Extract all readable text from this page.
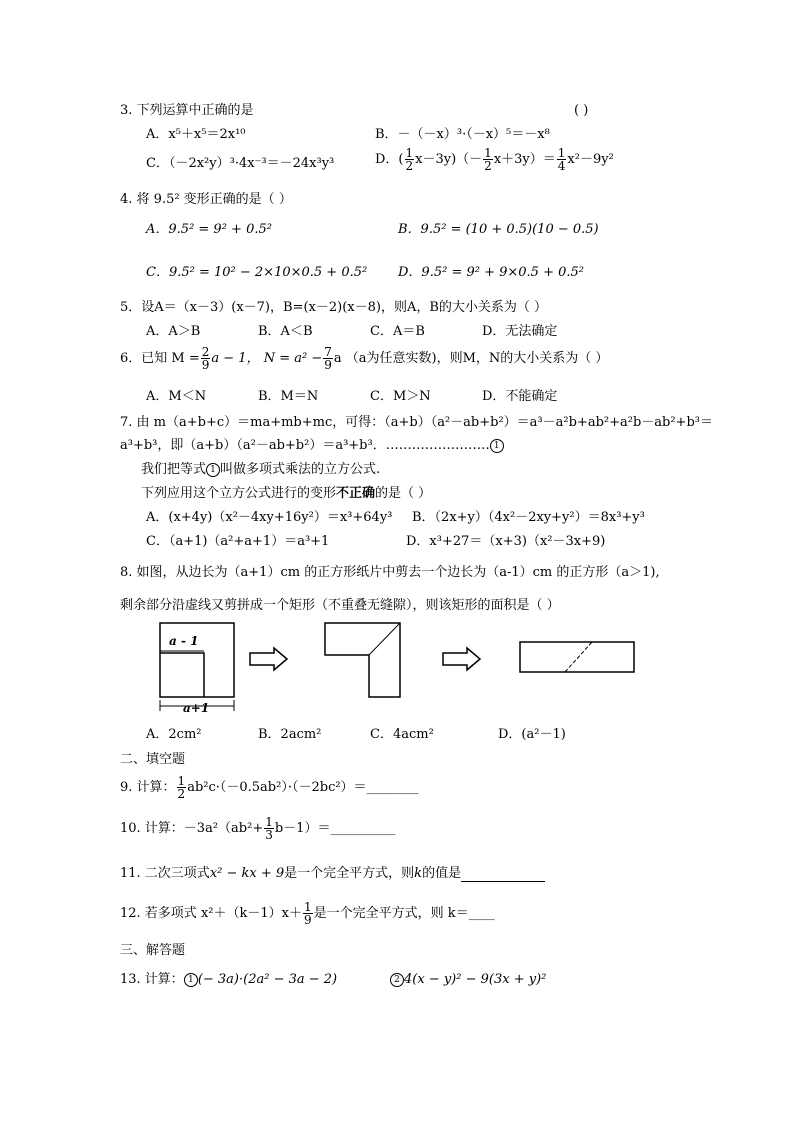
3. 下列运算中正确的是	( )
A．x⁵＋x⁵＝2x¹⁰	B．－（－x）³·（－x）⁵＝－x⁸
C．（－2x²y）³·4x⁻³＝－24x³y³	D．( $\frac{1}{2} x-3y)(- \frac{1}{2} x+3y)= \frac{1}{4} x^2-9y^2$
4. 将 9.5² 变形正确的是（ ）
A．9.5² = 9² + 0.5²	B．9.5² = (10 + 0.5)(10 − 0.5)
C．9.5² = 10² − 2×10×0.5 + 0.5² D．9.5² = 9² + 9×0.5 + 0.5²
5．设A＝（x－3）(x－7)，B=(x－2)(x－8)，则A，B的大小关系为（ ）
A．A＞B	B．A＜B	C．A＝B	D．无法确定
6．已知 $M = \frac{2}{9}$ a − 1， $N = a^2 - \frac{7}{9}$ a （a为任意实数)，则M，N的大小关系为（ ）
A．M＜N	B．M＝N	C．M＞N	D．不能确定
7. 由 m（a+b+c）＝ma+mb+mc，可得：（a+b）（a²－ab+b²）＝a³－a²b+ab²+a²b－ab²+b³＝
a³+b³，即（a+b）（a²－ab+b²）＝a³+b³．…………………… 1
我们把等式 1 叫做多项式乘法的立方公式.
下列应用这个立方公式进行的变形不正确的是（ ）
A．(x+4y)（x²－4xy+16y²）＝x³+64y³ B．（2x+y）（4x²－2xy+y²）＝8x³+y³
C．（a+1)（a²+a+1）＝a³+1	D．x³+27＝（x+3)（x²－3x+9)
8. 如图，从边长为（a+1）cm 的正方形纸片中剪去一个边长为（a-1）cm 的正方形（a＞1),
剩余部分沿虚线又剪拼成一个矩形（不重叠无缝隙），则该矩形的面积是（ ）
a - 1
a+1
A．2cm²	B．2acm²	C．4acm²	D．(a²－1)
二、填空题
9. 计算： $\frac{1}{2}$ ab²c·（－0.5ab²）·（－2bc²）＝________
10. 计算：$-3a^2(ab^2+ \frac{1}{3}$ b－1）＝__________
11. 二次三项式x² − kx + 9是一个完全平方式，则k的值是
12. 若多项式 $x^2+(k-1)x+ \frac{1}{9}$ 是一个完全平方式，则 k＝____
三、解答题
13. 计算： 1 (− 3a)·(2a² − 3a − 2)	2 4(x − y)² − 9(3x + y)²
